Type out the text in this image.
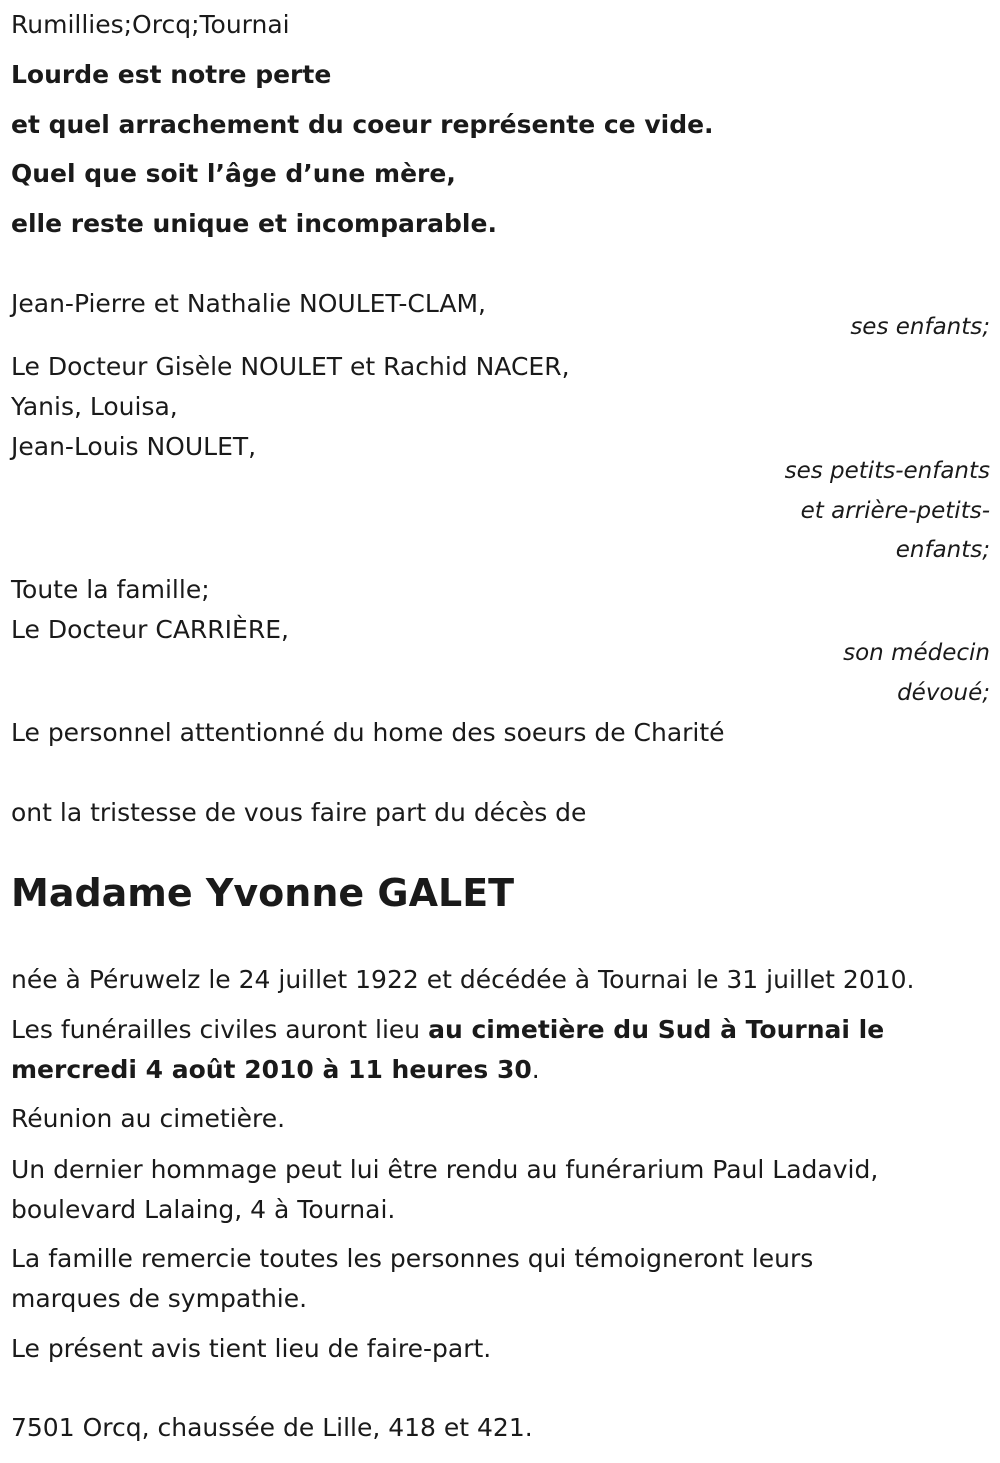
Rumillies;Orcq;Tournai
Lourde est notre perte
et quel arrachement du coeur représente ce vide.
Quel que soit l’âge d’une mère,
elle reste unique et incomparable.
Jean-Pierre et Nathalie NOULET-CLAM,
ses enfants;
Le Docteur Gisèle NOULET et Rachid NACER,
Yanis, Louisa,
Jean-Louis NOULET,
ses petits-enfants
et arrière-petits-
enfants;
Toute la famille;
Le Docteur CARRIÈRE,
son médecin
dévoué;
Le personnel attentionné du home des soeurs de Charité
ont la tristesse de vous faire part du décès de
Madame Yvonne GALET
née à Péruwelz le 24 juillet 1922 et décédée à Tournai le 31 juillet 2010.
Les funérailles civiles auront lieu au cimetière du Sud à Tournai le
mercredi 4 août 2010 à 11 heures 30.
Réunion au cimetière.
Un dernier hommage peut lui être rendu au funérarium Paul Ladavid,
boulevard Lalaing, 4 à Tournai.
La famille remercie toutes les personnes qui témoigneront leurs
marques de sympathie.
Le présent avis tient lieu de faire-part.
7501 Orcq, chaussée de Lille, 418 et 421.
